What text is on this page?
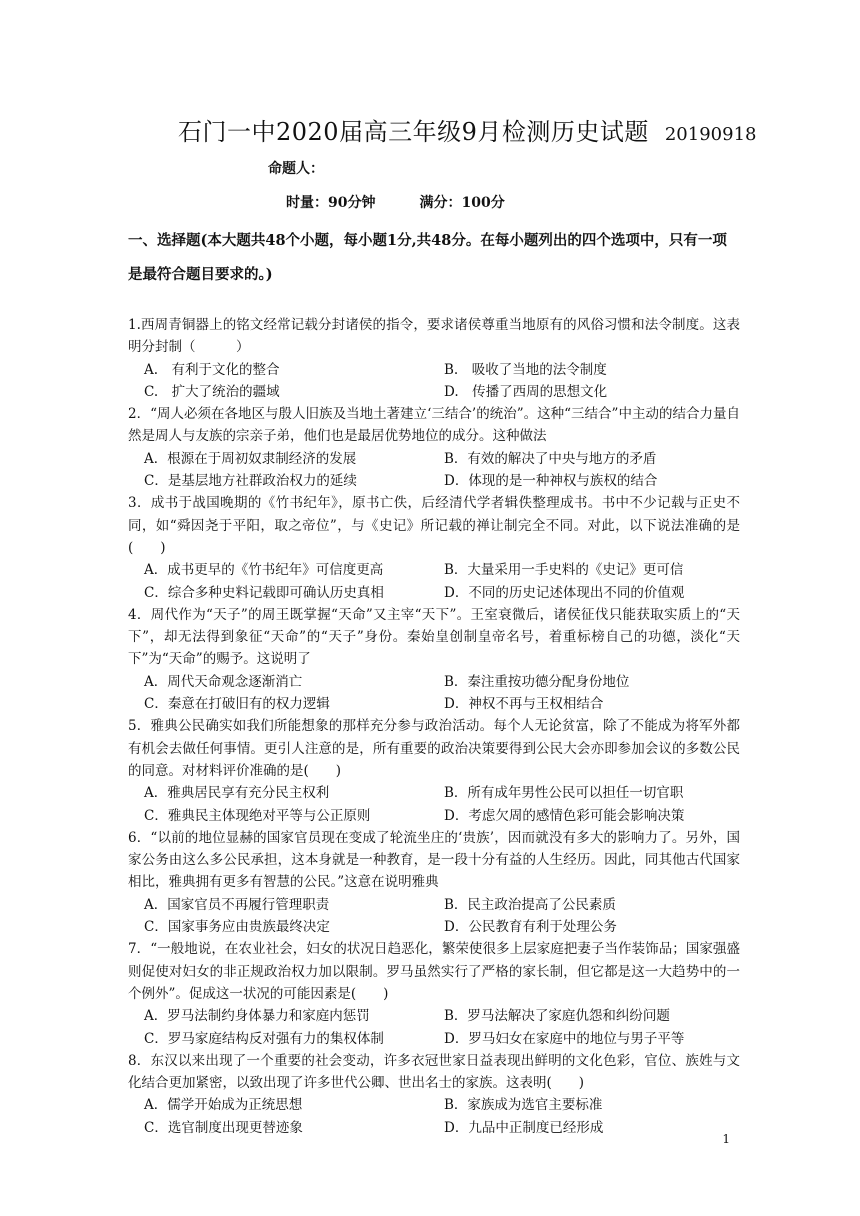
石门一中2020届高三年级9月检测历史试题 20190918
命题人：
时量：90分钟	满分：100分
一、选择题(本大题共48个小题，每小题1分,共48分。在每小题列出的四个选项中，只有一项是最符合题目要求的。)
1.西周青铜器上的铭文经常记载分封诸侯的指令，要求诸侯尊重当地原有的风俗习惯和法令制度。这表明分封制（　　　）
A.　有利于文化的整合	B.　吸收了当地的法令制度
C.　扩大了统治的疆域	D.　传播了西周的思想文化
2．“周人必须在各地区与殷人旧族及当地土著建立‘三结合’的统治”。这种“三结合”中主动的结合力量自然是周人与友族的宗亲子弟，他们也是最居优势地位的成分。这种做法
A．根源在于周初奴隶制经济的发展	B．有效的解决了中央与地方的矛盾
C．是基层地方社群政治权力的延续	D．体现的是一种神权与族权的结合
3．成书于战国晚期的《竹书纪年》，原书亡佚，后经清代学者辑佚整理成书。书中不少记载与正史不同，如“舜因尧于平阳，取之帝位”，与《史记》所记载的禅让制完全不同。对此，以下说法准确的是(　　)
A．成书更早的《竹书纪年》可信度更高	B．大量采用一手史料的《史记》更可信
C．综合多种史料记载即可确认历史真相	D．不同的历史记述体现出不同的价值观
4．周代作为“天子”的周王既掌握“天命”又主宰“天下”。王室衰微后，诸侯征伐只能获取实质上的“天下”，却无法得到象征“天命”的“天子”身份。秦始皇创制皇帝名号，着重标榜自己的功德，淡化“天下”为“天命”的赐予。这说明了
A．周代天命观念逐渐消亡	B．秦注重按功德分配身份地位
C．秦意在打破旧有的权力逻辑	D．神权不再与王权相结合
5．雅典公民确实如我们所能想象的那样充分参与政治活动。每个人无论贫富，除了不能成为将军外都有机会去做任何事情。更引人注意的是，所有重要的政治决策要得到公民大会亦即参加会议的多数公民的同意。对材料评价准确的是(　　)
A．雅典居民享有充分民主权利	B．所有成年男性公民可以担任一切官职
C．雅典民主体现绝对平等与公正原则	D．考虑欠周的感情色彩可能会影响决策
6．“以前的地位显赫的国家官员现在变成了轮流坐庄的‘贵族’，因而就没有多大的影响力了。另外，国家公务由这么多公民承担，这本身就是一种教育，是一段十分有益的人生经历。因此，同其他古代国家相比，雅典拥有更多有智慧的公民。”这意在说明雅典
A．国家官员不再履行管理职责	B．民主政治提高了公民素质
C．国家事务应由贵族最终决定	D．公民教育有利于处理公务
7．“一般地说，在农业社会，妇女的状况日趋恶化，繁荣使很多上层家庭把妻子当作装饰品；国家强盛则促使对妇女的非正规政治权力加以限制。罗马虽然实行了严格的家长制，但它都是这一大趋势中的一个例外”。促成这一状况的可能因素是(　　)
A．罗马法制约身体暴力和家庭内惩罚	B．罗马法解决了家庭仇怨和纠纷问题
C．罗马家庭结构反对强有力的集权体制	D．罗马妇女在家庭中的地位与男子平等
8．东汉以来出现了一个重要的社会变动，许多衣冠世家日益表现出鲜明的文化色彩，官位、族姓与文化结合更加紧密，以致出现了许多世代公卿、世出名士的家族。这表明(　　)
A．儒学开始成为正统思想	B．家族成为选官主要标准
C．选官制度出现更替迹象	D．九品中正制度已经形成
1
